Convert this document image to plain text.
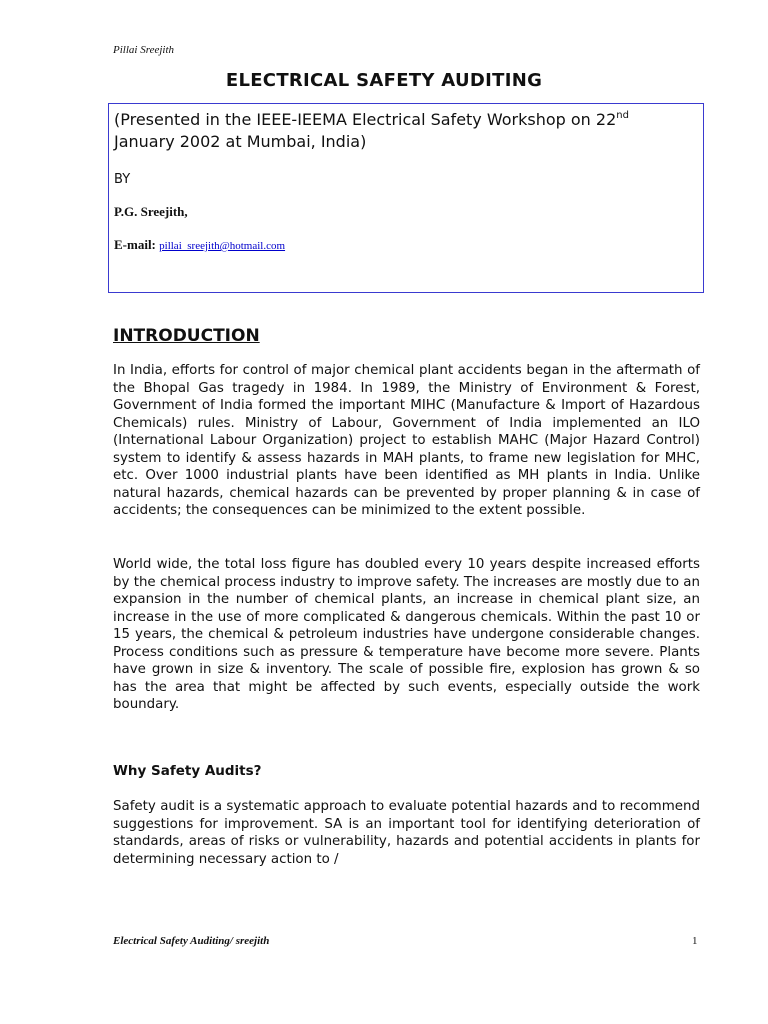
Pillai Sreejith
ELECTRICAL SAFETY AUDITING
(Presented in the IEEE-IEEMA Electrical Safety Workshop on 22nd
January 2002 at Mumbai, India)
BY
P.G. Sreejith,
E-mail: pillai_sreejith@hotmail.com
INTRODUCTION

In India, efforts for control of major chemical plant accidents began in the aftermath of the Bhopal Gas tragedy in 1984. In 1989, the Ministry of Environment & Forest, Government of India formed the important MIHC (Manufacture & Import of Hazardous Chemicals) rules. Ministry of Labour, Government of India implemented an ILO (International Labour Organization) project to establish MAHC (Major Hazard Control) system to identify & assess hazards in MAH plants, to frame new legislation for MHC, etc. Over 1000 industrial plants have been identified as MH plants in India. Unlike natural hazards, chemical hazards can be prevented by proper planning & in case of accidents; the consequences can be minimized to the extent possible.

World wide, the total loss figure has doubled every 10 years despite increased efforts by the chemical process industry to improve safety. The increases are mostly due to an expansion in the number of chemical plants, an increase in chemical plant size, an increase in the use of more complicated & dangerous chemicals. Within the past 10 or 15 years, the chemical & petroleum industries have undergone considerable changes. Process conditions such as pressure & temperature have become more severe. Plants have grown in size & inventory. The scale of possible fire, explosion has grown & so has the area that might be affected by such events, especially outside the work boundary.

Why Safety Audits?

Safety audit is a systematic approach to evaluate potential hazards and to recommend suggestions for improvement. SA is an important tool for identifying deterioration of standards, areas of risks or vulnerability, hazards and potential accidents in plants for determining necessary action to /

Electrical Safety Auditing/ sreejith	1
